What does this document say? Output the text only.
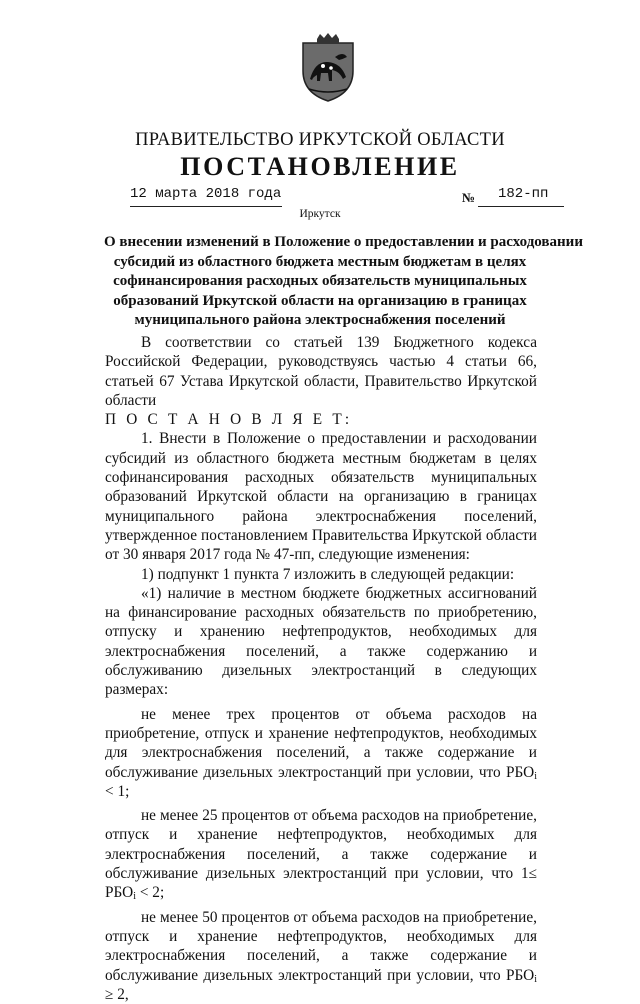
ПРАВИТЕЛЬСТВО ИРКУТСКОЙ ОБЛАСТИ
ПОСТАНОВЛЕНИЕ
12 марта 2018 года	№ 182-пп
Иркутск
О внесении изменений в Положение о предоставлении и расходовании
субсидий из областного бюджета местным бюджетам в целях
софинансирования расходных обязательств муниципальных
образований Иркутской области на организацию в границах
муниципального района электроснабжения поселений

В соответствии со статьей 139 Бюджетного кодекса Российской Федерации, руководствуясь частью 4 статьи 66, статьей 67 Устава Иркутской области, Правительство Иркутской области

П О С Т А Н О В Л Я Е Т:

1. Внести в Положение о предоставлении и расходовании субсидий из областного бюджета местным бюджетам в целях софинансирования расходных обязательств муниципальных образований Иркутской области на организацию в границах муниципального района электроснабжения поселений, утвержденное постановлением Правительства Иркутской области от 30 января 2017 года № 47-пп, следующие изменения:

1) подпункт 1 пункта 7 изложить в следующей редакции:

«1) наличие в местном бюджете бюджетных ассигнований на финансирование расходных обязательств по приобретению, отпуску и хранению нефтепродуктов, необходимых для электроснабжения поселений, а также содержанию и обслуживанию дизельных электростанций в следующих размерах:

не менее трех процентов от объема расходов на приобретение, отпуск и хранение нефтепродуктов, необходимых для электроснабжения поселений, а также содержание и обслуживание дизельных электростанций при условии, что $РБО_i < 1$;

не менее 25 процентов от объема расходов на приобретение, отпуск и хранение нефтепродуктов, необходимых для электроснабжения поселений, а также содержание и обслуживание дизельных электростанций при условии, что $1\le РБО_i < 2$;

не менее 50 процентов от объема расходов на приобретение, отпуск и хранение нефтепродуктов, необходимых для электроснабжения поселений, а также содержание и обслуживание дизельных электростанций при условии, что $РБО_i \ge 2$,
